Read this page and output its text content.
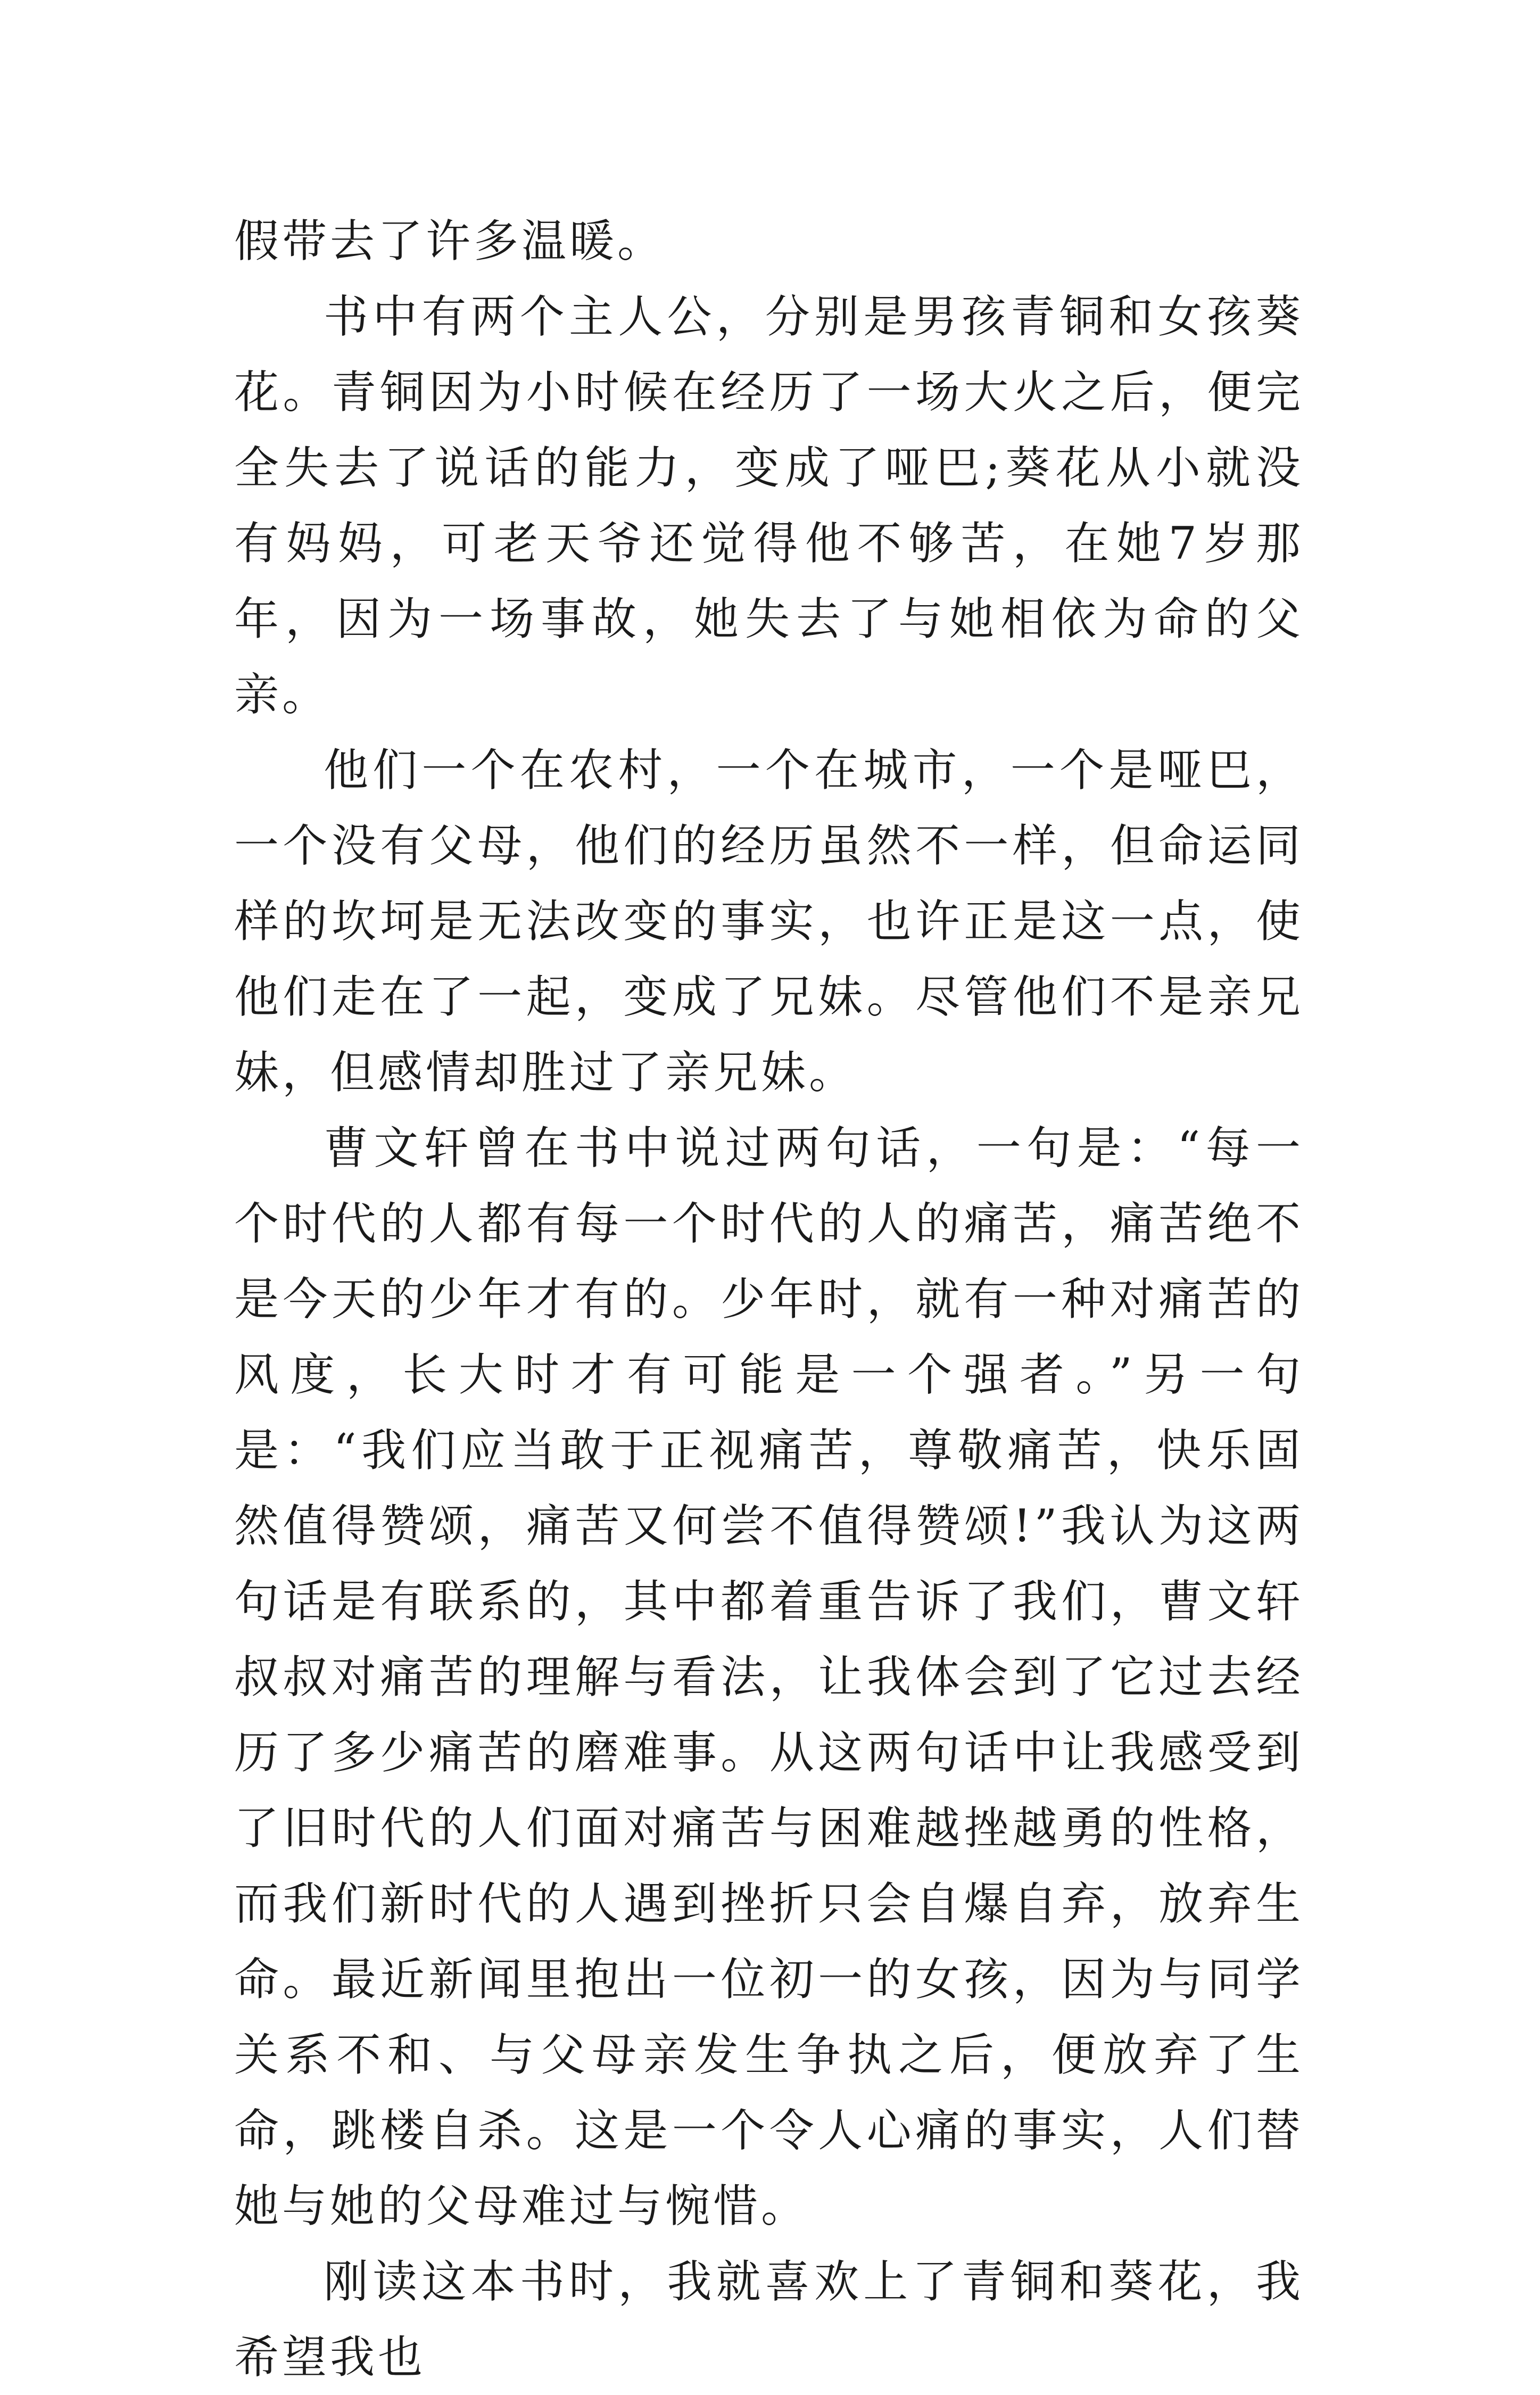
假带去了许多温暖。

书中有两个主人公，分别是男孩青铜和女孩葵花。青铜因为小时候在经历了一场大火之后，便完全失去了说话的能力，变成了哑巴;葵花从小就没有妈妈，可老天爷还觉得他不够苦，在她7岁那年，因为一场事故，她失去了与她相依为命的父亲。

他们一个在农村，一个在城市，一个是哑巴，一个没有父母，他们的经历虽然不一样，但命运同样的坎坷是无法改变的事实，也许正是这一点，使他们走在了一起，变成了兄妹。尽管他们不是亲兄妹，但感情却胜过了亲兄妹。

曹文轩曾在书中说过两句话，一句是：“每一个时代的人都有每一个时代的人的痛苦，痛苦绝不是今天的少年才有的。少年时，就有一种对痛苦的风度，长大时才有可能是一个强者。”另一句是：“我们应当敢于正视痛苦，尊敬痛苦，快乐固然值得赞颂，痛苦又何尝不值得赞颂!”我认为这两句话是有联系的，其中都着重告诉了我们，曹文轩叔叔对痛苦的理解与看法，让我体会到了它过去经历了多少痛苦的磨难事。从这两句话中让我感受到了旧时代的人们面对痛苦与困难越挫越勇的性格，而我们新时代的人遇到挫折只会自爆自弃，放弃生命。最近新闻里抱出一位初一的女孩，因为与同学关系不和、与父母亲发生争执之后，便放弃了生命，跳楼自杀。这是一个令人心痛的事实，人们替她与她的父母难过与惋惜。

刚读这本书时，我就喜欢上了青铜和葵花，我希望我也
